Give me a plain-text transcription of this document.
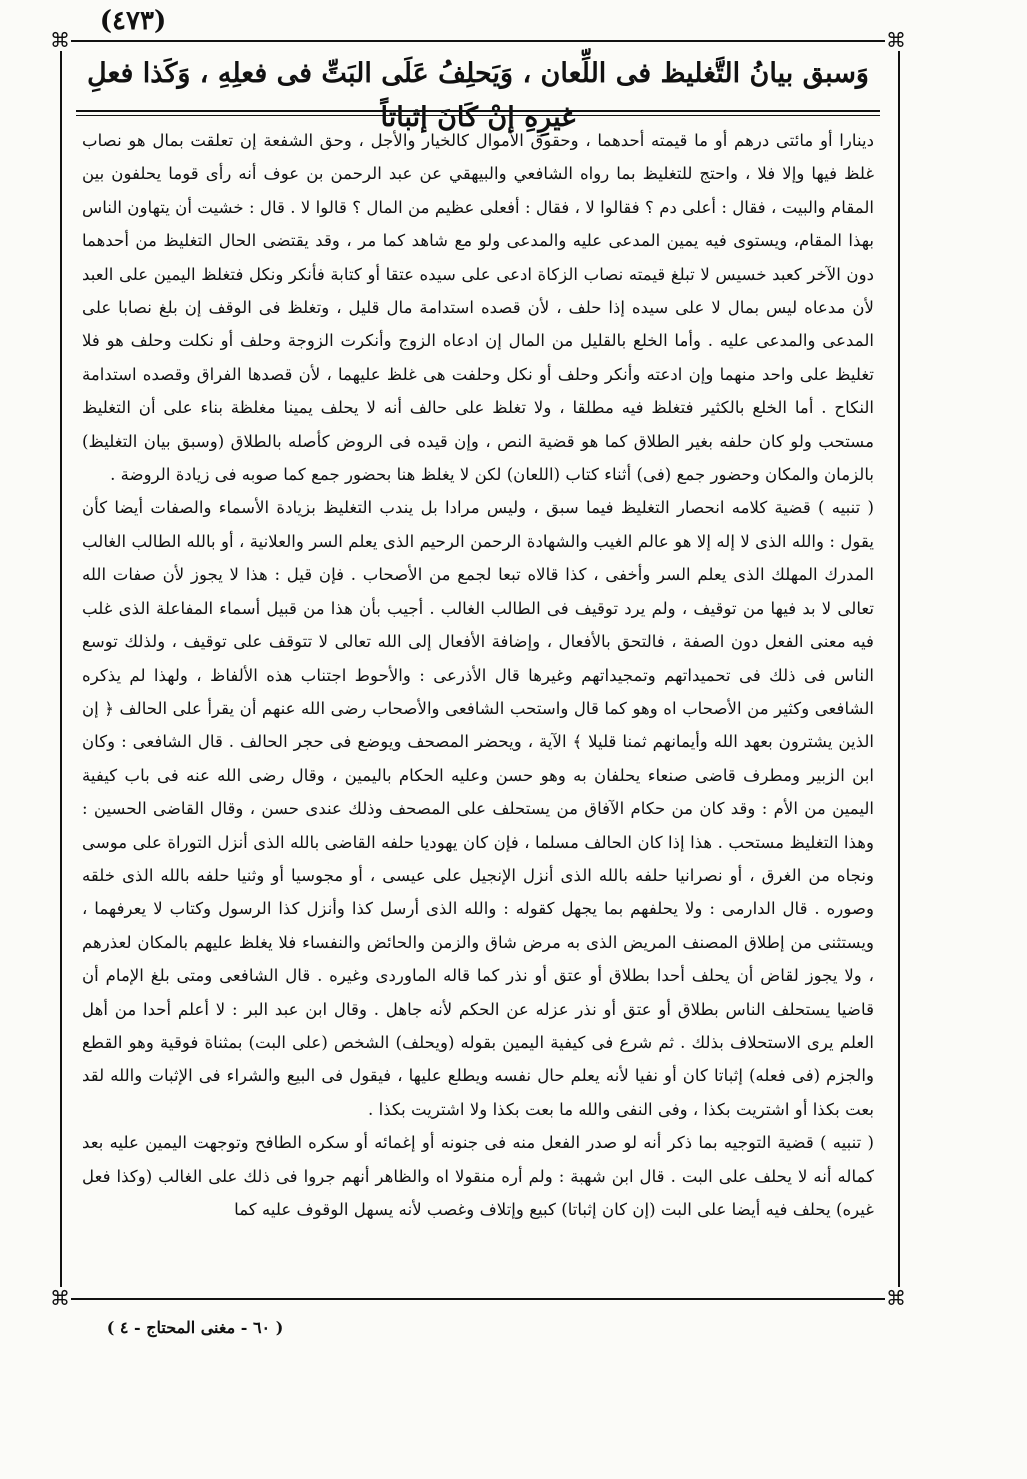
(٤٧٣)
⌘	⌘
⌘	⌘
وَسبق بيانُ التَّغليظ فى اللِّعان ، وَيَحلِفُ عَلَى البَتِّ فى فعلِهِ ، وَكَذا فعلِ غيرِهِ إنْ كَانَ إثباتاً

دينارا أو مائتى درهم أو ما قيمته أحدهما ، وحقوق الأموال كالخيار والأجل ، وحق الشفعة إن تعلقت بمال هو نصاب غلظ فيها وإلا فلا ، واحتج للتغليظ بما رواه الشافعي والبيهقي عن عبد الرحمن بن عوف أنه رأى قوما يحلفون بين المقام والبيت ، فقال : أعلى دم ؟ فقالوا لا ، فقال : أفعلى عظيم من المال ؟ قالوا لا . قال : خشيت أن يتهاون الناس بهذا المقام، ويستوى فيه يمين المدعى عليه والمدعى ولو مع شاهد كما مر ، وقد يقتضى الحال التغليظ من أحدهما دون الآخر كعبد خسيس لا تبلغ قيمته نصاب الزكاة ادعى على سيده عتقا أو كتابة فأنكر ونكل فتغلظ اليمين على العبد لأن مدعاه ليس بمال لا على سيده إذا حلف ، لأن قصده استدامة مال قليل ، وتغلظ فى الوقف إن بلغ نصابا على المدعى والمدعى عليه . وأما الخلع بالقليل من المال إن ادعاه الزوج وأنكرت الزوجة وحلف أو نكلت وحلف هو فلا تغليظ على واحد منهما وإن ادعته وأنكر وحلف أو نكل وحلفت هى غلظ عليهما ، لأن قصدها الفراق وقصده استدامة النكاح . أما الخلع بالكثير فتغلظ فيه مطلقا ، ولا تغلظ على حالف أنه لا يحلف يمينا مغلظة بناء على أن التغليظ مستحب ولو كان حلفه بغير الطلاق كما هو قضية النص ، وإن قيده فى الروض كأصله بالطلاق (وسبق بيان التغليظ) بالزمان والمكان وحضور جمع (فى) أثناء كتاب (اللعان) لكن لا يغلظ هنا بحضور جمع كما صوبه فى زيادة الروضة .

( تنبيه ) قضية كلامه انحصار التغليظ فيما سبق ، وليس مرادا بل يندب التغليظ بزيادة الأسماء والصفات أيضا كأن يقول : والله الذى لا إله إلا هو عالم الغيب والشهادة الرحمن الرحيم الذى يعلم السر والعلانية ، أو بالله الطالب الغالب المدرك المهلك الذى يعلم السر وأخفى ، كذا قالاه تبعا لجمع من الأصحاب . فإن قيل : هذا لا يجوز لأن صفات الله تعالى لا بد فيها من توقيف ، ولم يرد توقيف فى الطالب الغالب . أجيب بأن هذا من قبيل أسماء المفاعلة الذى غلب فيه معنى الفعل دون الصفة ، فالتحق بالأفعال ، وإضافة الأفعال إلى الله تعالى لا تتوقف على توقيف ، ولذلك توسع الناس فى ذلك فى تحميداتهم وتمجيداتهم وغيرها قال الأذرعى : والأحوط اجتناب هذه الألفاظ ، ولهذا لم يذكره الشافعى وكثير من الأصحاب اه وهو كما قال واستحب الشافعى والأصحاب رضى الله عنهم أن يقرأ على الحالف ﴿ إن الذين يشترون بعهد الله وأيمانهم ثمنا قليلا ﴾ الآية ، ويحضر المصحف ويوضع فى حجر الحالف . قال الشافعى : وكان ابن الزبير ومطرف قاضى صنعاء يحلفان به وهو حسن وعليه الحكام باليمين ، وقال رضى الله عنه فى باب كيفية اليمين من الأم : وقد كان من حكام الآفاق من يستحلف على المصحف وذلك عندى حسن ، وقال القاضى الحسين : وهذا التغليظ مستحب . هذا إذا كان الحالف مسلما ، فإن كان يهوديا حلفه القاضى بالله الذى أنزل التوراة على موسى ونجاه من الغرق ، أو نصرانيا حلفه بالله الذى أنزل الإنجيل على عيسى ، أو مجوسيا أو وثنيا حلفه بالله الذى خلقه وصوره . قال الدارمى : ولا يحلفهم بما يجهل كقوله : والله الذى أرسل كذا وأنزل كذا الرسول وكتاب لا يعرفهما ، ويستثنى من إطلاق المصنف المريض الذى به مرض شاق والزمن والحائض والنفساء فلا يغلظ عليهم بالمكان لعذرهم ، ولا يجوز لقاض أن يحلف أحدا بطلاق أو عتق أو نذر كما قاله الماوردى وغيره . قال الشافعى ومتى بلغ الإمام أن قاضيا يستحلف الناس بطلاق أو عتق أو نذر عزله عن الحكم لأنه جاهل . وقال ابن عبد البر : لا أعلم أحدا من أهل العلم يرى الاستحلاف بذلك . ثم شرع فى كيفية اليمين بقوله (ويحلف) الشخص (على البت) بمثناة فوقية وهو القطع والجزم (فى فعله) إثباتا كان أو نفيا لأنه يعلم حال نفسه ويطلع عليها ، فيقول فى البيع والشراء فى الإثبات والله لقد بعت بكذا أو اشتريت بكذا ، وفى النفى والله ما بعت بكذا ولا اشتريت بكذا .

( تنبيه ) قضية التوجيه بما ذكر أنه لو صدر الفعل منه فى جنونه أو إغمائه أو سكره الطافح وتوجهت اليمين عليه بعد كماله أنه لا يحلف على البت . قال ابن شهبة : ولم أره منقولا اه والظاهر أنهم جروا فى ذلك على الغالب (وكذا فعل غيره) يحلف فيه أيضا على البت (إن كان إثباتا) كبيع وإتلاف وغصب لأنه يسهل الوقوف عليه كما

( ٦٠ - مغنى المحتاج - ٤ )
